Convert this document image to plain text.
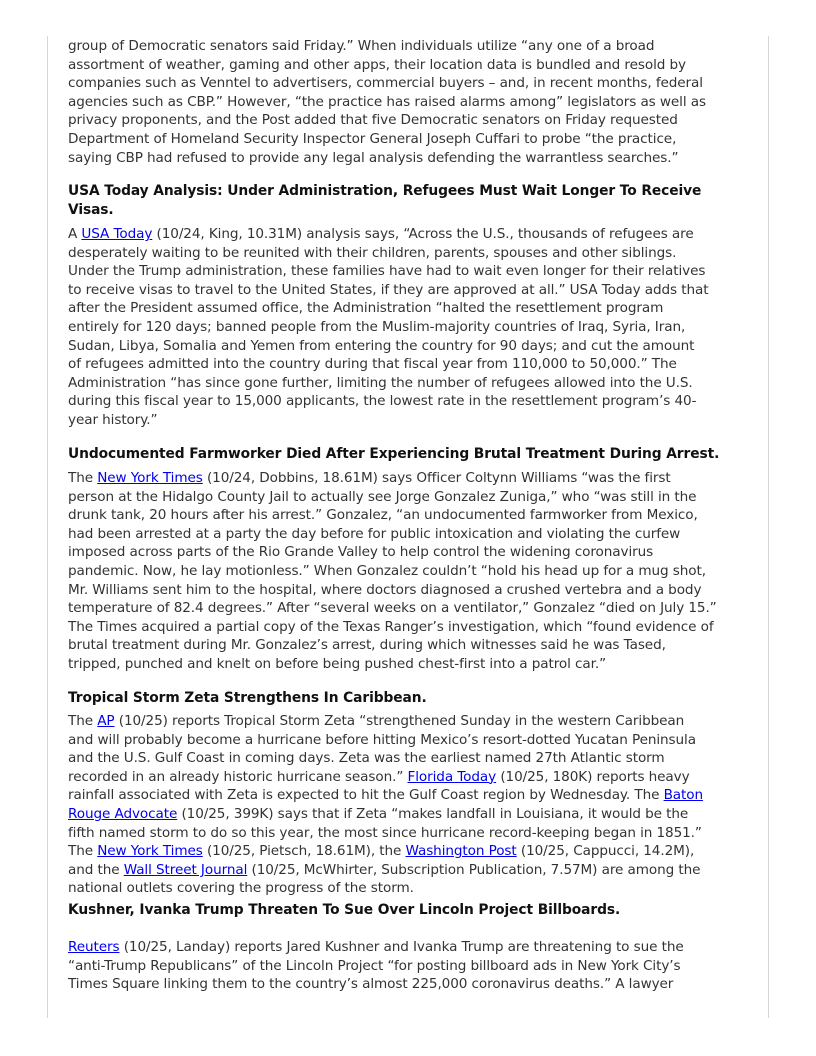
group of Democratic senators said Friday.” When individuals utilize “any one of a broad
assortment of weather, gaming and other apps, their location data is bundled and resold by
companies such as Venntel to advertisers, commercial buyers – and, in recent months, federal
agencies such as CBP.” However, “the practice has raised alarms among” legislators as well as
privacy proponents, and the Post added that five Democratic senators on Friday requested
Department of Homeland Security Inspector General Joseph Cuffari to probe “the practice,
saying CBP had refused to provide any legal analysis defending the warrantless searches.”
USA Today Analysis: Under Administration, Refugees Must Wait Longer To Receive
Visas.
A USA Today (10/24, King, 10.31M) analysis says, “Across the U.S., thousands of refugees are
desperately waiting to be reunited with their children, parents, spouses and other siblings.
Under the Trump administration, these families have had to wait even longer for their relatives
to receive visas to travel to the United States, if they are approved at all.” USA Today adds that
after the President assumed office, the Administration “halted the resettlement program
entirely for 120 days; banned people from the Muslim-majority countries of Iraq, Syria, Iran,
Sudan, Libya, Somalia and Yemen from entering the country for 90 days; and cut the amount
of refugees admitted into the country during that fiscal year from 110,000 to 50,000.” The
Administration “has since gone further, limiting the number of refugees allowed into the U.S.
during this fiscal year to 15,000 applicants, the lowest rate in the resettlement program’s 40-
year history.”
Undocumented Farmworker Died After Experiencing Brutal Treatment During Arrest.
The New York Times (10/24, Dobbins, 18.61M) says Officer Coltynn Williams “was the first
person at the Hidalgo County Jail to actually see Jorge Gonzalez Zuniga,” who “was still in the
drunk tank, 20 hours after his arrest.” Gonzalez, “an undocumented farmworker from Mexico,
had been arrested at a party the day before for public intoxication and violating the curfew
imposed across parts of the Rio Grande Valley to help control the widening coronavirus
pandemic. Now, he lay motionless.” When Gonzalez couldn’t “hold his head up for a mug shot,
Mr. Williams sent him to the hospital, where doctors diagnosed a crushed vertebra and a body
temperature of 82.4 degrees.” After “several weeks on a ventilator,” Gonzalez “died on July 15.”
The Times acquired a partial copy of the Texas Ranger’s investigation, which “found evidence of
brutal treatment during Mr. Gonzalez’s arrest, during which witnesses said he was Tased,
tripped, punched and knelt on before being pushed chest-first into a patrol car.”
Tropical Storm Zeta Strengthens In Caribbean.
The AP (10/25) reports Tropical Storm Zeta “strengthened Sunday in the western Caribbean
and will probably become a hurricane before hitting Mexico’s resort-dotted Yucatan Peninsula
and the U.S. Gulf Coast in coming days. Zeta was the earliest named 27th Atlantic storm
recorded in an already historic hurricane season.” Florida Today (10/25, 180K) reports heavy
rainfall associated with Zeta is expected to hit the Gulf Coast region by Wednesday. The Baton
Rouge Advocate (10/25, 399K) says that if Zeta “makes landfall in Louisiana, it would be the
fifth named storm to do so this year, the most since hurricane record-keeping began in 1851.”
The New York Times (10/25, Pietsch, 18.61M), the Washington Post (10/25, Cappucci, 14.2M),
and the Wall Street Journal (10/25, McWhirter, Subscription Publication, 7.57M) are among the
national outlets covering the progress of the storm.
Kushner, Ivanka Trump Threaten To Sue Over Lincoln Project Billboards.
Reuters (10/25, Landay) reports Jared Kushner and Ivanka Trump are threatening to sue the
“anti-Trump Republicans” of the Lincoln Project “for posting billboard ads in New York City’s
Times Square linking them to the country’s almost 225,000 coronavirus deaths.” A lawyer
